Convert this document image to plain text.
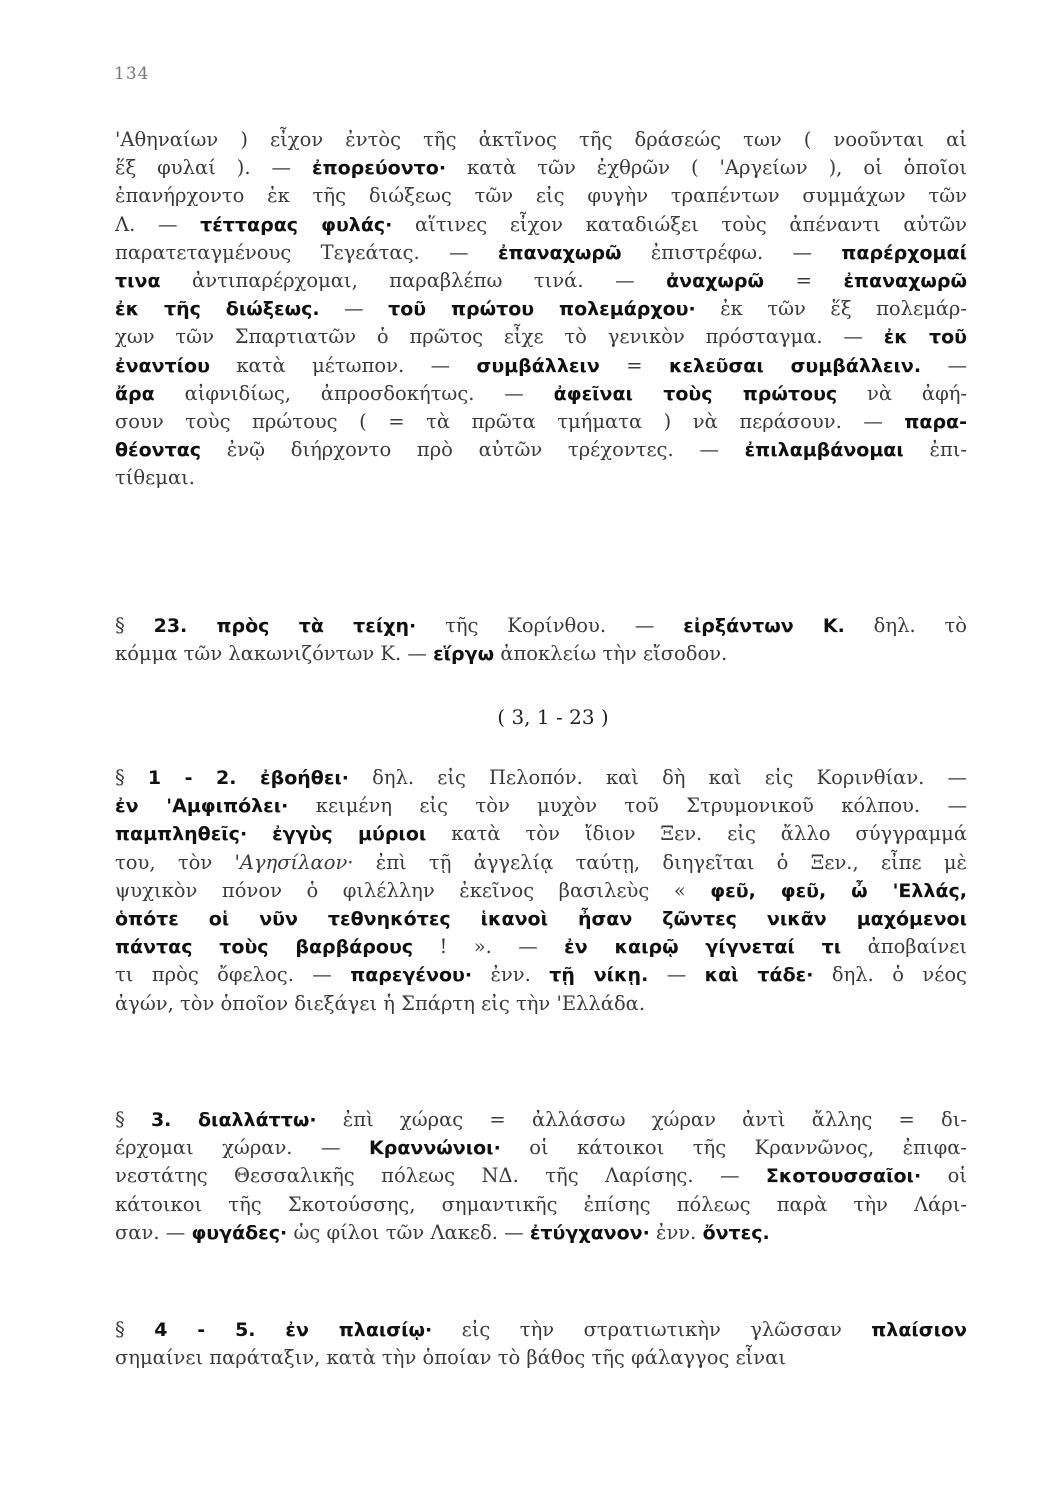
134
'Αθηναίων ) εἶχον ἐντὸς τῆς ἀκτῖνος τῆς δράσεώς των ( νοοῦνται αἱ
ἕξ φυλαί ). — ἐπορεύοντο· κατὰ τῶν ἐχθρῶν ( 'Αργείων ), οἱ ὁποῖοι
ἐπανήρχοντο ἐκ τῆς διώξεως τῶν εἰς φυγὴν τραπέντων συμμάχων τῶν
Λ. — τέτταρας φυλάς· αἵτινες εἶχον καταδιώξει τοὺς ἀπέναντι αὐτῶν
παρατεταγμένους Τεγεάτας. — ἐπαναχωρῶ ἐπιστρέφω. — παρέρχομαί
τινα ἀντιπαρέρχομαι, παραβλέπω τινά. — ἀναχωρῶ = ἐπαναχωρῶ
ἐκ τῆς διώξεως. — τοῦ πρώτου πολεμάρχου· ἐκ τῶν ἕξ πολεμάρ-
χων τῶν Σπαρτιατῶν ὁ πρῶτος εἶχε τὸ γενικὸν πρόσταγμα. — ἐκ τοῦ
ἐναντίου κατὰ μέτωπον. — συμβάλλειν = κελεῦσαι συμβάλλειν. —
ἄρα αἰφνιδίως, ἀπροσδοκήτως. — ἀφεῖναι τοὺς πρώτους νὰ ἀφή-
σουν τοὺς πρώτους ( = τὰ πρῶτα τμήματα ) νὰ περάσουν. — παρα-
θέοντας ἐνῷ διήρχοντο πρὸ αὐτῶν τρέχοντες. — ἐπιλαμβάνομαι ἐπι-
τίθεμαι.
§ 23. πρὸς τὰ τείχη· τῆς Κορίνθου. — εἰρξάντων Κ. δηλ. τὸ
κόμμα τῶν λακωνιζόντων Κ. — εἵργω ἀποκλείω τὴν εἴσοδον.
( 3, 1 - 23 )
§ 1 - 2. ἐβοήθει· δηλ. εἰς Πελοπόν. καὶ δὴ καὶ εἰς Κορινθίαν. —
ἐν 'Αμφιπόλει· κειμένη εἰς τὸν μυχὸν τοῦ Στρυμονικοῦ κόλπου. —
παμπληθεῖς· ἐγγὺς μύριοι κατὰ τὸν ἴδιον Ξεν. εἰς ἄλλο σύγγραμμά
του, τὸν 'Αγησίλαον· ἐπὶ τῇ ἀγγελίᾳ ταύτῃ, διηγεῖται ὁ Ξεν., εἶπε μὲ
ψυχικὸν πόνον ὁ φιλέλλην ἐκεῖνος βασιλεὺς « φεῦ, φεῦ, ὦ 'Ελλάς,
ὁπότε οἱ νῦν τεθνηκότες ἱκανοὶ ἦσαν ζῶντες νικᾶν μαχόμενοι
πάντας τοὺς βαρβάρους ! ». — ἐν καιρῷ γίγνεταί τι ἀποβαίνει
τι πρὸς ὄφελος. — παρεγένου· ἐνν. τῇ νίκῃ. — καὶ τάδε· δηλ. ὁ νέος
ἀγών, τὸν ὁποῖον διεξάγει ἡ Σπάρτη εἰς τὴν 'Ελλάδα.
§ 3. διαλλάττω· ἐπὶ χώρας = ἀλλάσσω χώραν ἀντὶ ἄλλης = δι-
έρχομαι χώραν. — Κραννώνιοι· οἱ κάτοικοι τῆς Κραννῶνος, ἐπιφα-
νεστάτης Θεσσαλικῆς πόλεως ΝΔ. τῆς Λαρίσης. — Σκοτουσσαῖοι· οἱ
κάτοικοι τῆς Σκοτούσσης, σημαντικῆς ἐπίσης πόλεως παρὰ τὴν Λάρι-
σαν. — φυγάδες· ὡς φίλοι τῶν Λακεδ. — ἐτύγχανον· ἐνν. ὄντες.
§ 4 - 5. ἐν πλαισίῳ· εἰς τὴν στρατιωτικὴν γλῶσσαν πλαίσιον
σημαίνει παράταξιν, κατὰ τὴν ὁποίαν τὸ βάθος τῆς φάλαγγος εἶναι
